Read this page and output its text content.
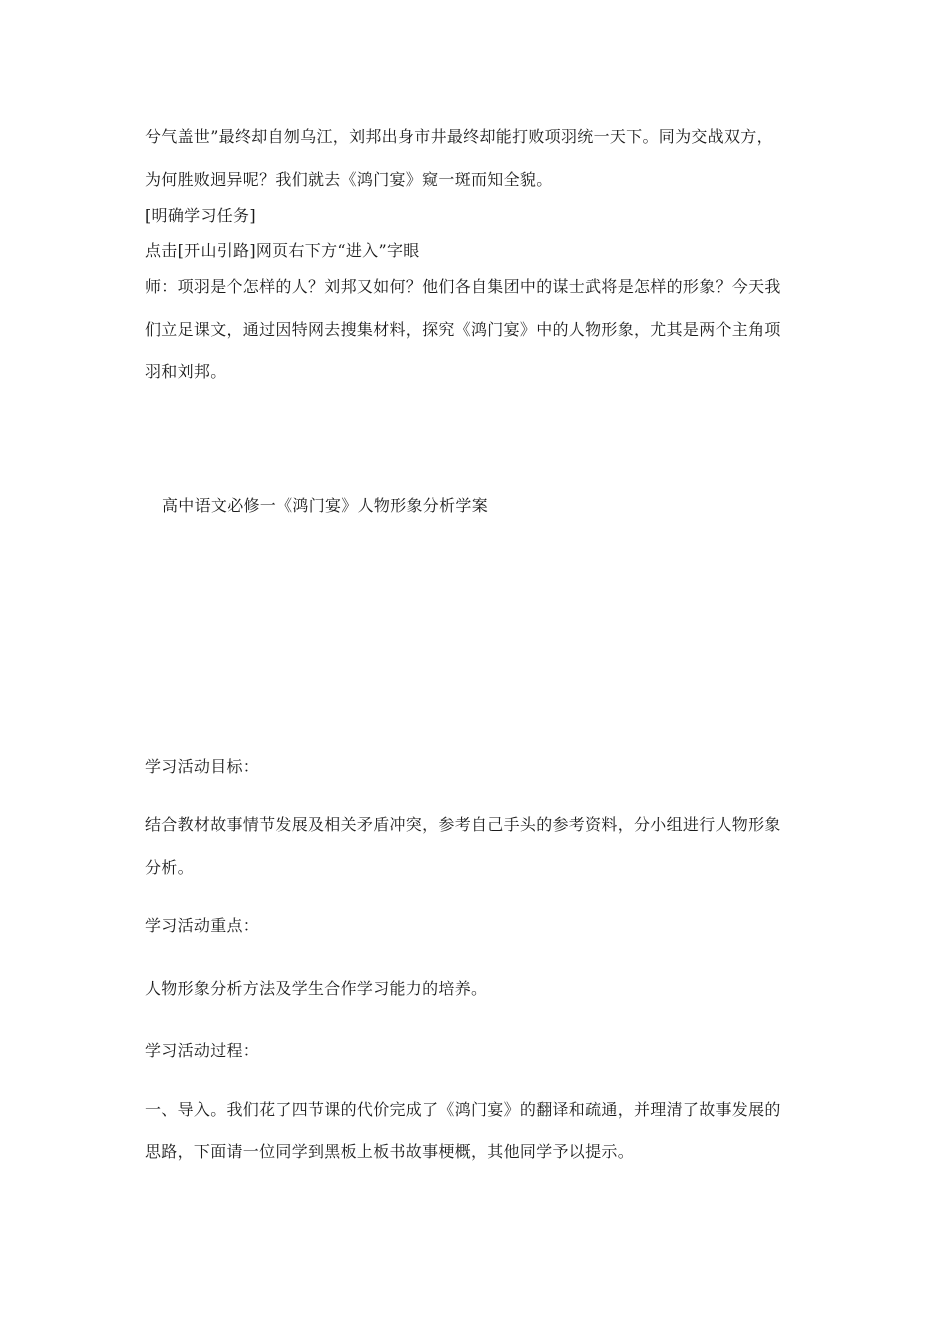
兮气盖世”最终却自刎乌江，刘邦出身市井最终却能打败项羽统一天下。同为交战双方，
为何胜败迥异呢？我们就去《鸿门宴》窥一斑而知全貌。
[明确学习任务]
点击[开山引路]网页右下方“进入”字眼
师：项羽是个怎样的人？刘邦又如何？他们各自集团中的谋士武将是怎样的形象？今天我
们立足课文，通过因特网去搜集材料，探究《鸿门宴》中的人物形象，尤其是两个主角项
羽和刘邦。
高中语文必修一《鸿门宴》人物形象分析学案
学习活动目标：
结合教材故事情节发展及相关矛盾冲突，参考自己手头的参考资料，分小组进行人物形象
分析。
学习活动重点：
人物形象分析方法及学生合作学习能力的培养。
学习活动过程：
一、导入。我们花了四节课的代价完成了《鸿门宴》的翻译和疏通，并理清了故事发展的
思路，下面请一位同学到黑板上板书故事梗概，其他同学予以提示。
